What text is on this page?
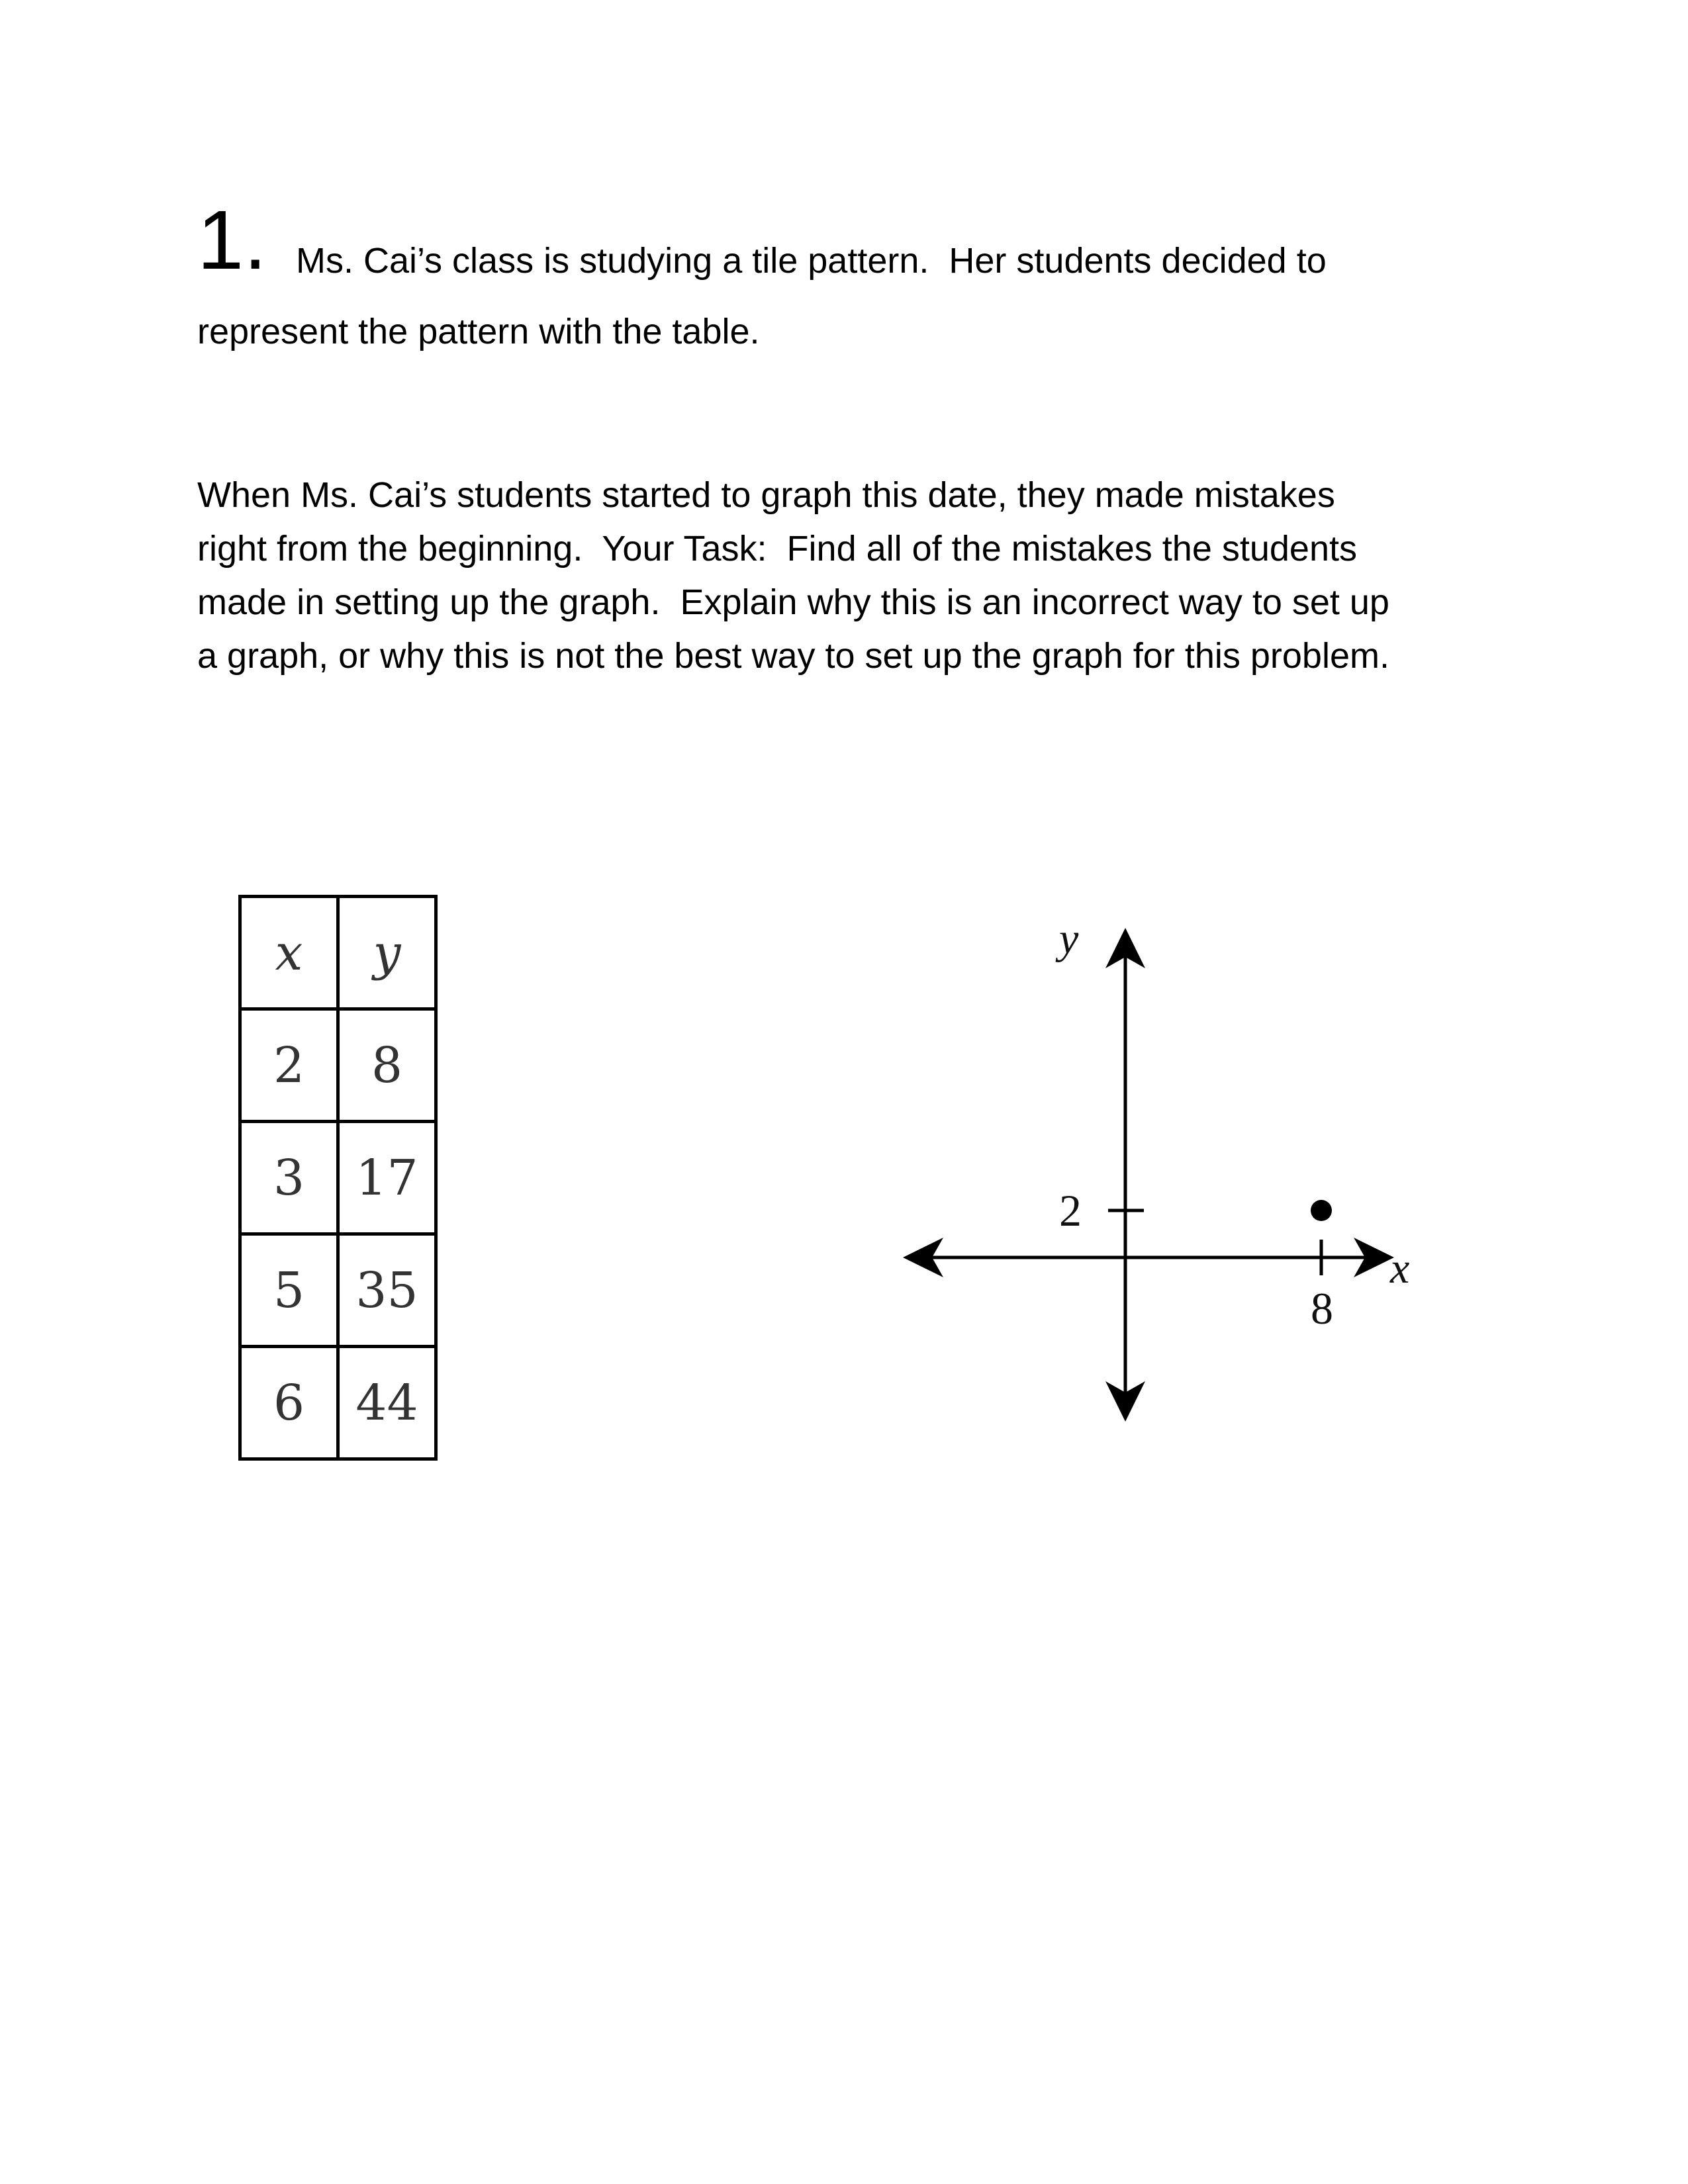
1. Ms. Cai’s class is studying a tile pattern.  Her students decided to
represent the pattern with the table.
When Ms. Cai’s students started to graph this date, they made mistakes
right from the beginning.  Your Task:  Find all of the mistakes the students
made in setting up the graph.  Explain why this is an incorrect way to set up
a graph, or why this is not the best way to set up the graph for this problem.
x	y
2	8
3	17
5	35
6	44
2
8
y
x
